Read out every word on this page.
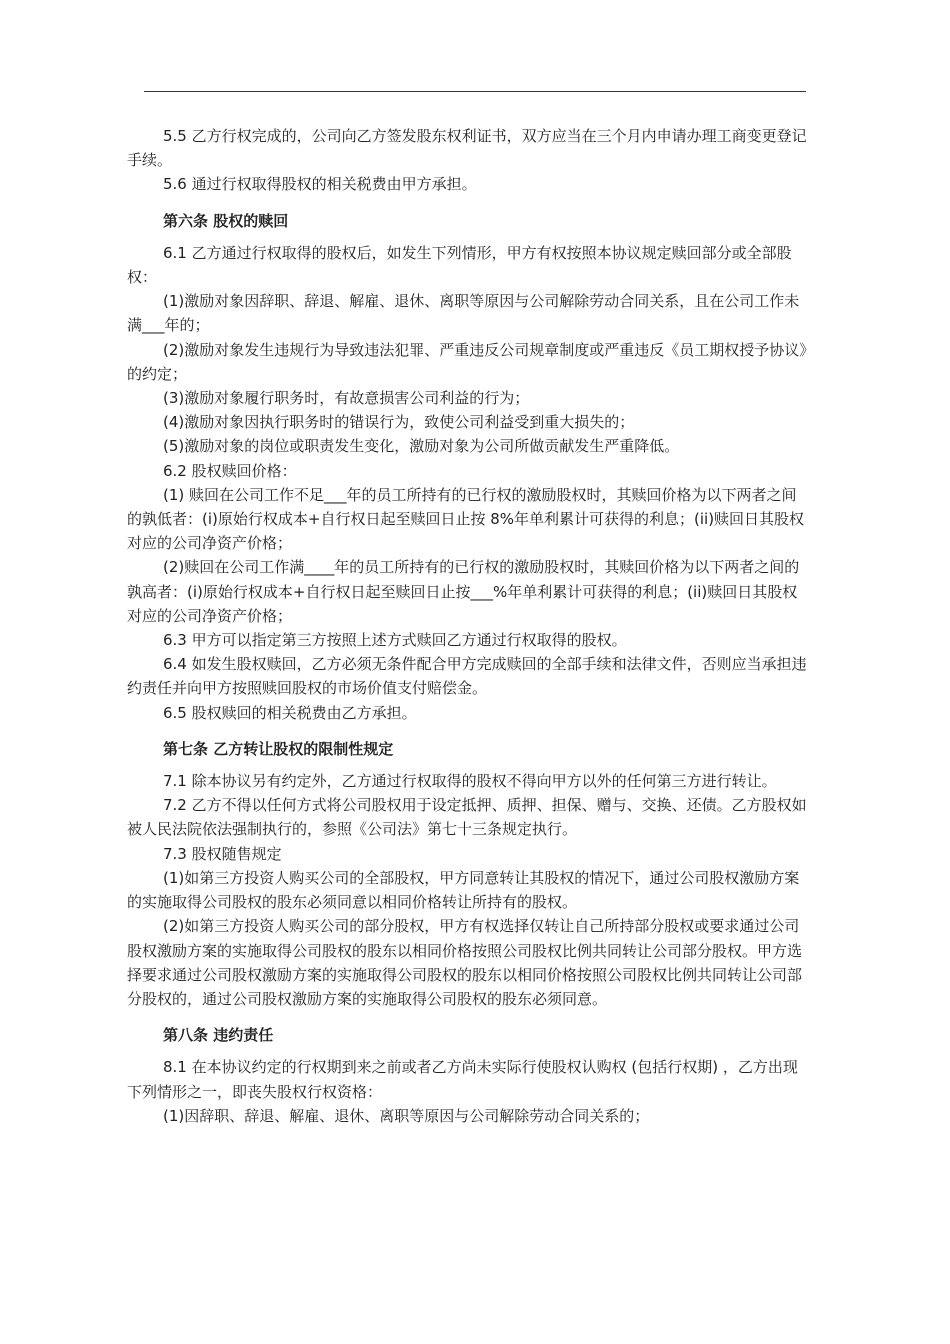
5.5 乙方行权完成的，公司向乙方签发股东权利证书，双方应当在三个月内申请办理工商变更登记手续。

5.6 通过行权取得股权的相关税费由甲方承担。

第六条 股权的赎回

6.1 乙方通过行权取得的股权后，如发生下列情形，甲方有权按照本协议规定赎回部分或全部股权：

(1)激励对象因辞职、辞退、解雇、退休、离职等原因与公司解除劳动合同关系，且在公司工作未满___年的；

(2)激励对象发生违规行为导致违法犯罪、严重违反公司规章制度或严重违反《员工期权授予协议》的约定；

(3)激励对象履行职务时，有故意损害公司利益的行为；

(4)激励对象因执行职务时的错误行为，致使公司利益受到重大损失的；

(5)激励对象的岗位或职责发生变化，激励对象为公司所做贡献发生严重降低。

6.2 股权赎回价格：

(1) 赎回在公司工作不足___年的员工所持有的已行权的激励股权时，其赎回价格为以下两者之间的孰低者：(i)原始行权成本+自行权日起至赎回日止按 8%年单利累计可获得的利息；(ii)赎回日其股权对应的公司净资产价格；

(2)赎回在公司工作满____年的员工所持有的已行权的激励股权时，其赎回价格为以下两者之间的孰高者：(i)原始行权成本+自行权日起至赎回日止按___%年单利累计可获得的利息；(ii)赎回日其股权对应的公司净资产价格；

6.3 甲方可以指定第三方按照上述方式赎回乙方通过行权取得的股权。

6.4 如发生股权赎回，乙方必须无条件配合甲方完成赎回的全部手续和法律文件，否则应当承担违约责任并向甲方按照赎回股权的市场价值支付赔偿金。

6.5 股权赎回的相关税费由乙方承担。

第七条 乙方转让股权的限制性规定

7.1 除本协议另有约定外，乙方通过行权取得的股权不得向甲方以外的任何第三方进行转让。

7.2 乙方不得以任何方式将公司股权用于设定抵押、质押、担保、赠与、交换、还债。乙方股权如被人民法院依法强制执行的，参照《公司法》第七十三条规定执行。

7.3 股权随售规定

(1)如第三方投资人购买公司的全部股权，甲方同意转让其股权的情况下，通过公司股权激励方案的实施取得公司股权的股东必须同意以相同价格转让所持有的股权。

(2)如第三方投资人购买公司的部分股权，甲方有权选择仅转让自己所持部分股权或要求通过公司股权激励方案的实施取得公司股权的股东以相同价格按照公司股权比例共同转让公司部分股权。甲方选择要求通过公司股权激励方案的实施取得公司股权的股东以相同价格按照公司股权比例共同转让公司部分股权的，通过公司股权激励方案的实施取得公司股权的股东必须同意。

第八条 违约责任

8.1 在本协议约定的行权期到来之前或者乙方尚未实际行使股权认购权 (包括行权期) ，乙方出现下列情形之一，即丧失股权行权资格：

(1)因辞职、辞退、解雇、退休、离职等原因与公司解除劳动合同关系的；
